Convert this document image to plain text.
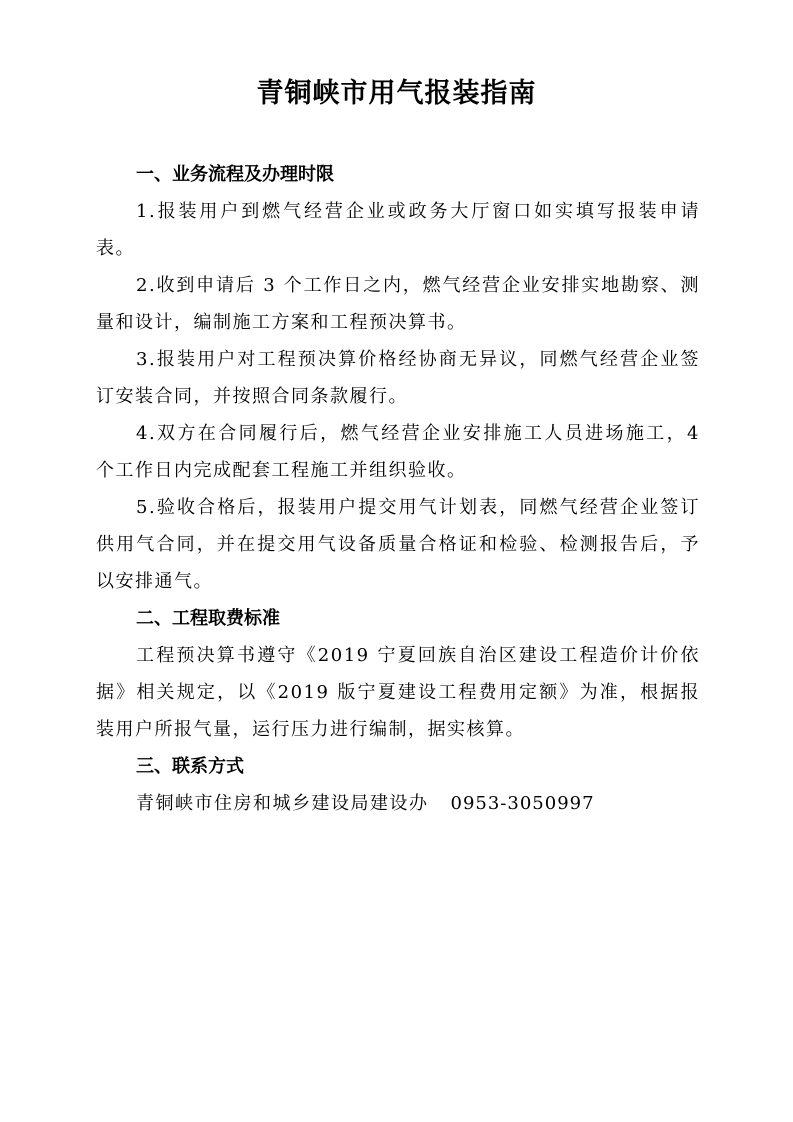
青铜峡市用气报装指南

一、业务流程及办理时限

1.报装用户到燃气经营企业或政务大厅窗口如实填写报装申请表。

2.收到申请后 3 个工作日之内，燃气经营企业安排实地勘察、测量和设计，编制施工方案和工程预决算书。

3.报装用户对工程预决算价格经协商无异议，同燃气经营企业签订安装合同，并按照合同条款履行。

4.双方在合同履行后，燃气经营企业安排施工人员进场施工，4 个工作日内完成配套工程施工并组织验收。

5.验收合格后，报装用户提交用气计划表，同燃气经营企业签订供用气合同，并在提交用气设备质量合格证和检验、检测报告后，予以安排通气。

二、工程取费标准

工程预决算书遵守《2019 宁夏回族自治区建设工程造价计价依据》相关规定，以《2019 版宁夏建设工程费用定额》为准，根据报装用户所报气量，运行压力进行编制，据实核算。

三、联系方式

青铜峡市住房和城乡建设局建设办 0953-3050997
